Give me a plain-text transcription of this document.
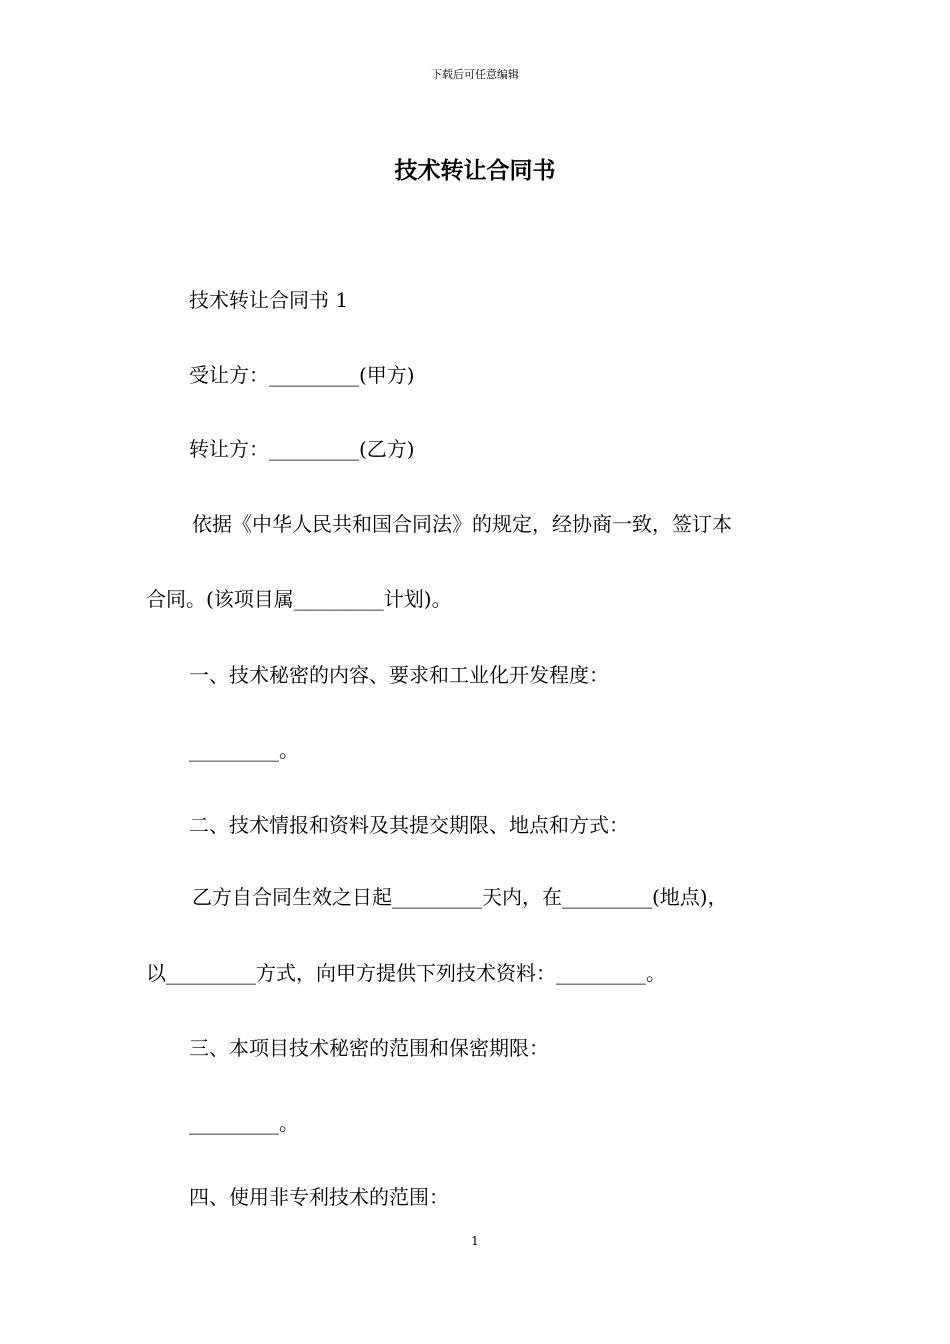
下载后可任意编辑
技术转让合同书
技术转让合同书 1
受让方：_________(甲方)
转让方：_________(乙方)
依据《中华人民共和国合同法》的规定，经协商一致，签订本
合同。(该项目属_________计划)。
一、技术秘密的内容、要求和工业化开发程度：
_________。
二、技术情报和资料及其提交期限、地点和方式：
乙方自合同生效之日起_________天内，在_________(地点)，
以_________方式，向甲方提供下列技术资料：_________。
三、本项目技术秘密的范围和保密期限：
_________。
四、使用非专利技术的范围：
1
